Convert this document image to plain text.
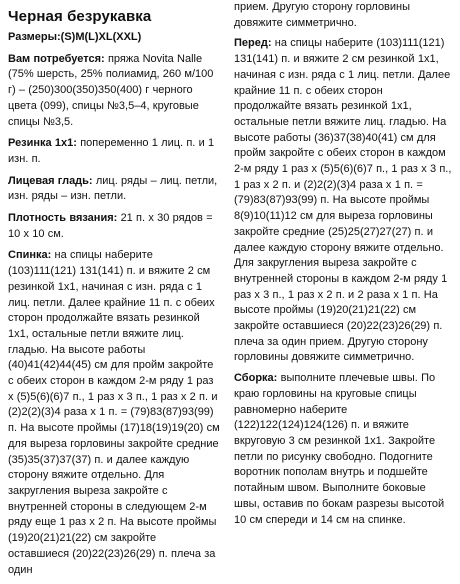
Черная безрукавка

Размеры:(S)M(L)XL(XXL)

Вам потребуется: пряжа Novita Nalle (75% шерсть, 25% полиамид, 260 м/100 г) – (250)300(350)350(400) г черного цвета (099), спицы №3,5–4, круговые спицы №3,5.

Резинка 1х1: попеременно 1 лиц. п. и 1 изн. п.

Лицевая гладь: лиц. ряды – лиц. петли, изн. ряды – изн. петли.

Плотность вязания: 21 п. х 30 рядов = 10 х 10 см.

Спинка: на спицы наберите (103)111(121) 131(141) п. и вяжите 2 см резинкой 1х1, начиная с изн. ряда с 1 лиц. петли. Далее крайние 11 п. с обеих сторон продолжайте вязать резинкой 1х1, остальные петли вяжите лиц. гладью. На высоте работы (40)41(42)44(45) см для пройм закройте с обеих сторон в каждом 2-м ряду 1 раз х (5)5(6)(6)7 п., 1 раз х 3 п., 1 раз х 2 п. и (2)2(2)(3)4 раза х 1 п. = (79)83(87)93(99) п. На высоте проймы (17)18(19)19(20) см для выреза горловины закройте средние (35)35(37)37(37) п. и далее каждую сторону вяжите отдельно. Для закругления выреза закройте с внутренней стороны в следующем 2-м ряду еще 1 раз х 2 п. На высоте проймы (19)20(21)21(22) см закройте оставшиеся (20)22(23)26(29) п. плеча за один

прием. Другую сторону горловины довяжите симметрично.

Перед: на спицы наберите (103)111(121) 131(141) п. и вяжите 2 см резинкой 1х1, начиная с изн. ряда с 1 лиц. петли. Далее крайние 11 п. с обеих сторон продолжайте вязать резинкой 1х1, остальные петли вяжите лиц. гладью. На высоте работы (36)37(38)40(41) см для пройм закройте с обеих сторон в каждом 2-м ряду 1 раз х (5)5(6)(6)7 п., 1 раз х 3 п., 1 раз х 2 п. и (2)2(2)(3)4 раза х 1 п. = (79)83(87)93(99) п. На высоте проймы 8(9)10(11)12 см для выреза горловины закройте средние (25)25(27)27(27) п. и далее каждую сторону вяжите отдельно. Для закругления выреза закройте с внутренней стороны в каждом 2-м ряду 1 раз х 3 п., 1 раз х 2 п. и 2 раза х 1 п. На высоте проймы (19)20(21)21(22) см закройте оставшиеся (20)22(23)26(29) п. плеча за один прием. Другую сторону горловины довяжите симметрично.

Сборка: выполните плечевые швы. По краю горловины на круговые спицы равномерно наберите (122)122(124)124(126) п. и вяжите вкруговую 3 см резинкой 1х1. Закройте петли по рисунку свободно. Подогните воротник пополам внутрь и подшейте потайным швом. Выполните боковые швы, оставив по бокам разрезы высотой 10 см спереди и 14 см на спинке.
